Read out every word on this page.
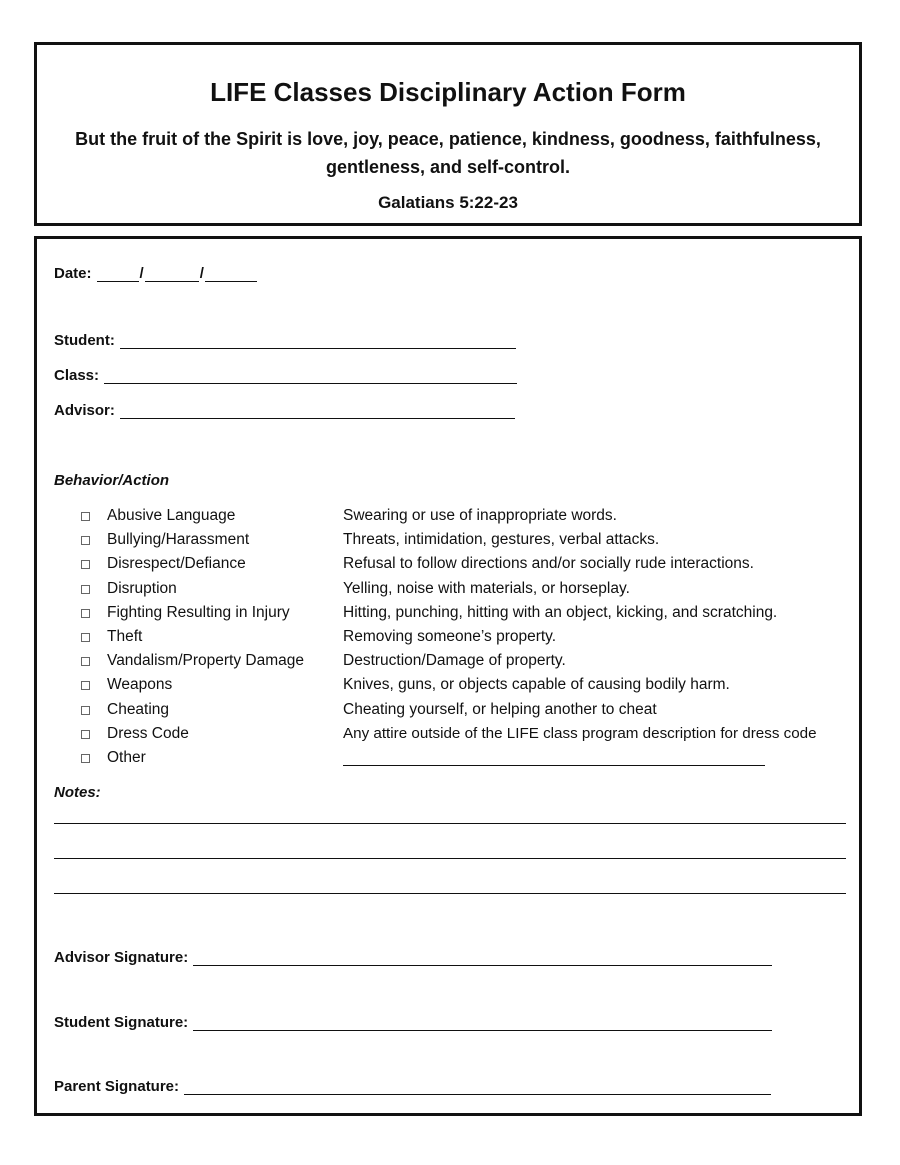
LIFE Classes Disciplinary Action Form
But the fruit of the Spirit is love, joy, peace, patience, kindness, goodness, faithfulness, gentleness, and self-control.
Galatians 5:22-23
Date:	/	/
Student:
Class:
Advisor:
Behavior/Action
Abusive Language	Swearing or use of inappropriate words.
Bullying/Harassment	Threats, intimidation, gestures, verbal attacks.
Disrespect/Defiance	Refusal to follow directions and/or socially rude interactions.
Disruption	Yelling, noise with materials, or horseplay.
Fighting Resulting in Injury	Hitting, punching, hitting with an object, kicking, and scratching.
Theft	Removing someone’s property.
Vandalism/Property Damage	Destruction/Damage of property.
Weapons	Knives, guns, or objects capable of causing bodily harm.
Cheating	Cheating yourself, or helping another to cheat
Dress Code	Any attire outside of the LIFE class program description for dress code
Other
Notes:
Advisor Signature:
Student Signature:
Parent Signature:
